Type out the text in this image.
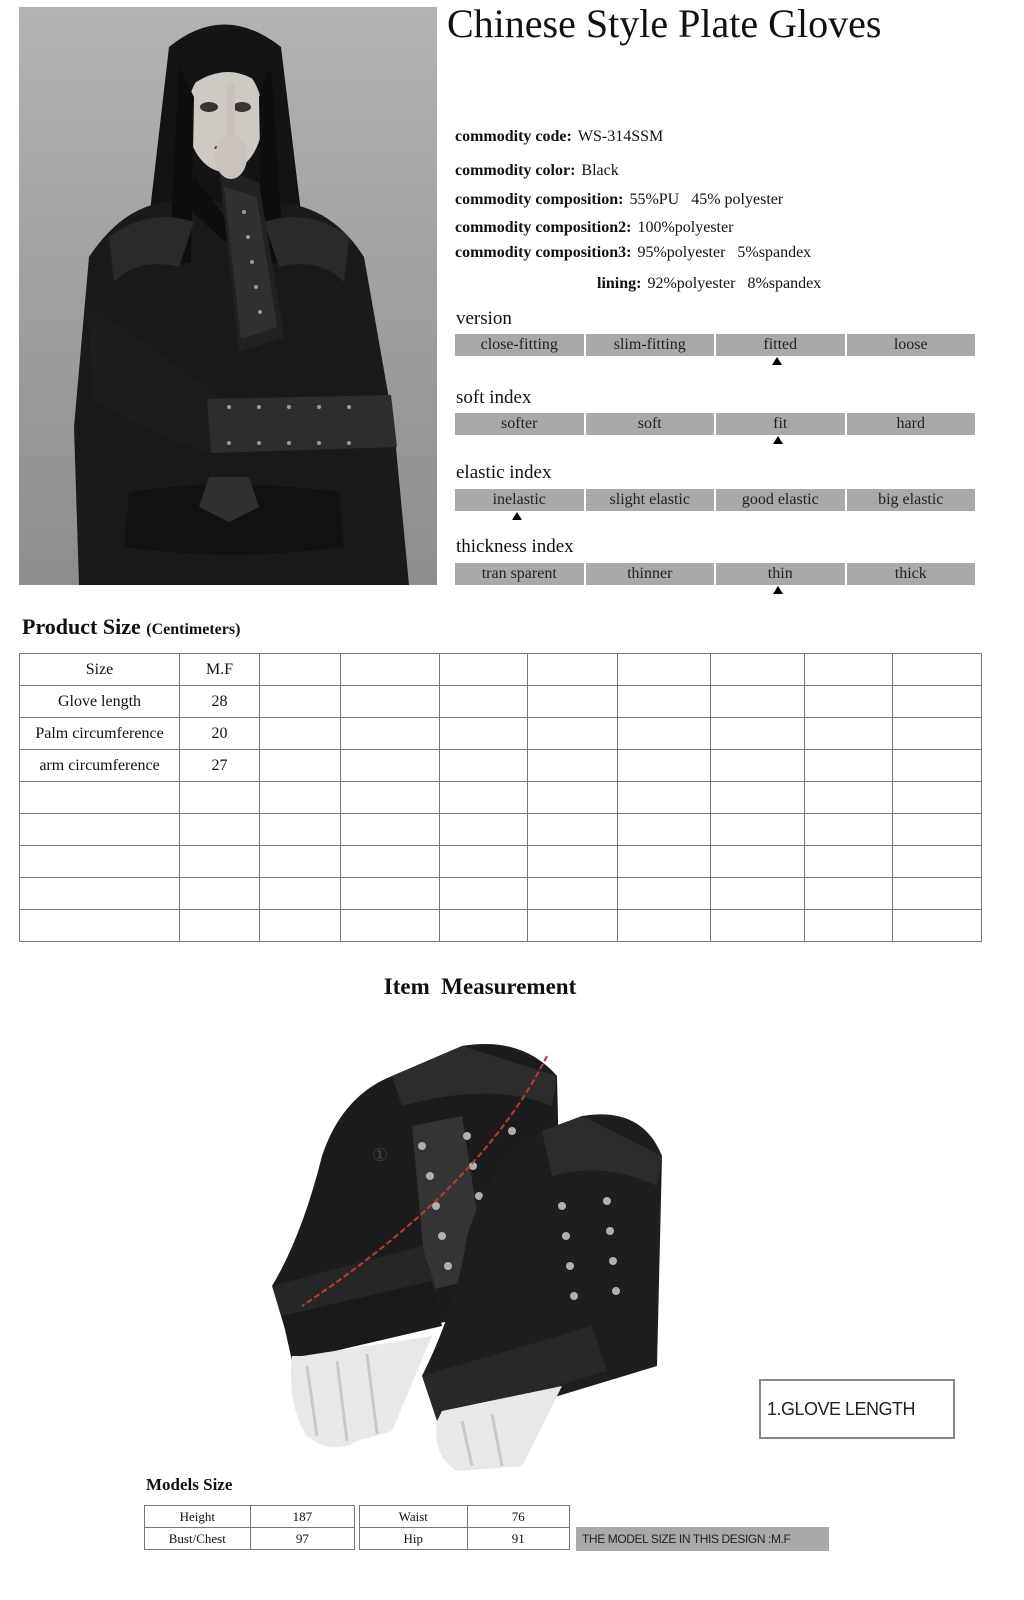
Chinese Style Plate Gloves
commodity code: WS-314SSM
commodity color: Black
commodity composition: 55%PU   45% polyester
commodity composition2: 100%polyester
commodity composition3: 95%polyester   5%spandex
lining: 92%polyester   8%spandex
version
close-fitting	slim-fitting	fitted	loose
soft index
softer	soft	fit	hard
elastic index
inelastic	slight elastic	good elastic	big elastic
thickness index
tran sparent	thinner	thin	thick
Product Size (Centimeters)
Size	M.F								
Glove length	28								
Palm circumference	20								
arm circumference	27								

Item  Measurement
①
1.GLOVE LENGTH
Models Size
Height	187
Bust/Chest	97
Waist	76
Hip	91	THE MODEL SIZE IN THIS DESIGN :M.F
